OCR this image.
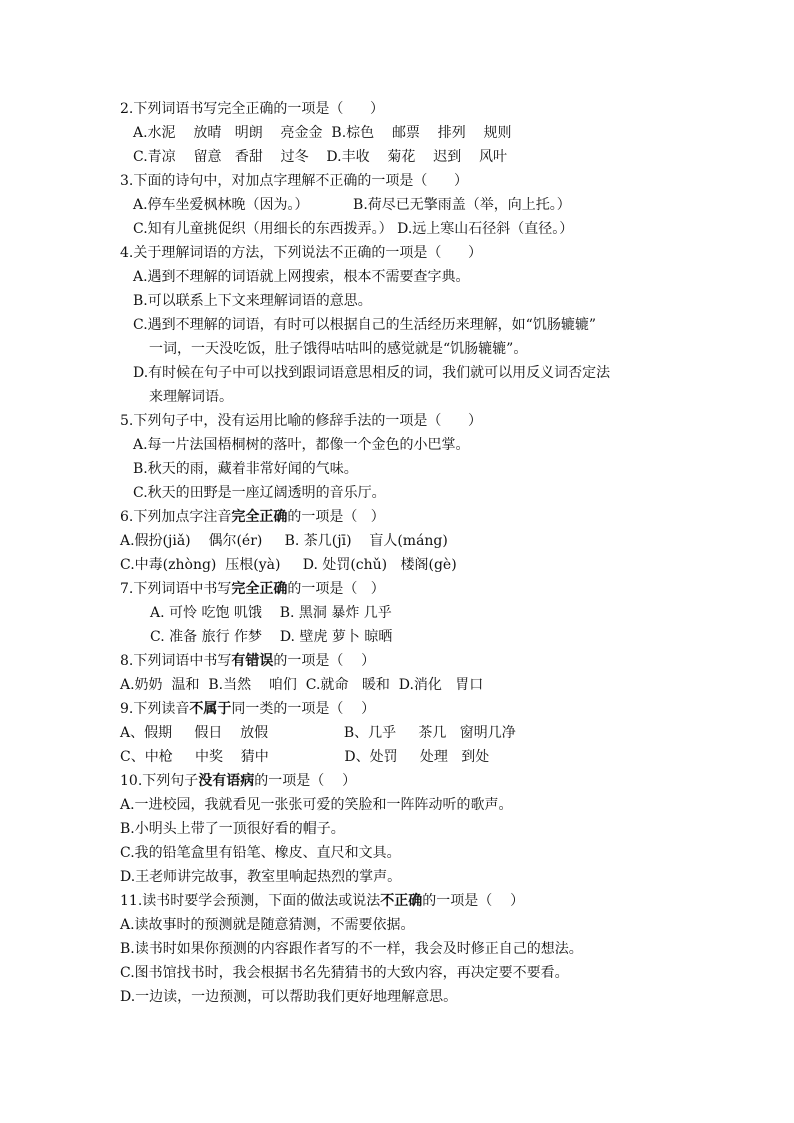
2.下列词语书写完全正确的一项是（      ）
A.水泥    放晴   明朗    亮金金  B.棕色    邮票    排列    规则
C.青凉    留意   香甜    过冬    D.丰收    菊花    迟到    风叶
3.下面的诗句中，对加点字理解不正确的一项是（      ）
A.停车坐爱枫林晚（因为。）          B.荷尽已无擎雨盖（举，向上托。）
C.知有儿童挑促织（用细长的东西拨弄。） D.远上寒山石径斜（直径。）
4.关于理解词语的方法，下列说法不正确的一项是（      ）
A.遇到不理解的词语就上网搜索，根本不需要查字典。
B.可以联系上下文来理解词语的意思。
C.遇到不理解的词语，有时可以根据自己的生活经历来理解，如“饥肠辘辘”
一词，一天没吃饭，肚子饿得咕咕叫的感觉就是“饥肠辘辘”。
D.有时候在句子中可以找到跟词语意思相反的词，我们就可以用反义词否定法
来理解词语。
5.下列句子中，没有运用比喻的修辞手法的一项是（      ）
A.每一片法国梧桐树的落叶，都像一个金色的小巴掌。
B.秋天的雨，藏着非常好闻的气味。
C.秋天的田野是一座辽阔透明的音乐厅。
6.下列加点字注音完全正确的一项是（   ）
A.假扮(jiǎ)    偶尔(ér)     B. 茶几(jī)    盲人(máng)
C.中毒(zhòng)  压根(yà)     D. 处罚(chǔ)   楼阁(gè)
7.下列词语中书写完全正确的一项是（   ）
A. 可怜 吃饱 叽饿    B. 黑洞 暴炸 几乎
C. 准备 旅行 作梦    D. 壁虎 萝卜 晾晒
8.下列词语中书写有错误的一项是（    ）
A.奶奶  温和  B.当然    咱们  C.就命   暖和  D.消化   胃口
9.下列读音不属于同一类的一项是（    ）
A、假期     假日    放假                 B、几乎     茶几   窗明几净
C、中枪     中奖    猜中                 D、处罚     处理   到处
10.下列句子没有语病的一项是（    ）
A.一进校园，我就看见一张张可爱的笑脸和一阵阵动听的歌声。
B.小明头上带了一顶很好看的帽子。
C.我的铅笔盒里有铅笔、橡皮、直尺和文具。
D.王老师讲完故事，教室里响起热烈的掌声。
11.读书时要学会预测，下面的做法或说法不正确的一项是（    ）
A.读故事时的预测就是随意猜测，不需要依据。
B.读书时如果你预测的内容跟作者写的不一样，我会及时修正自己的想法。
C.图书馆找书时，我会根据书名先猜猜书的大致内容，再决定要不要看。
D.一边读，一边预测，可以帮助我们更好地理解意思。
